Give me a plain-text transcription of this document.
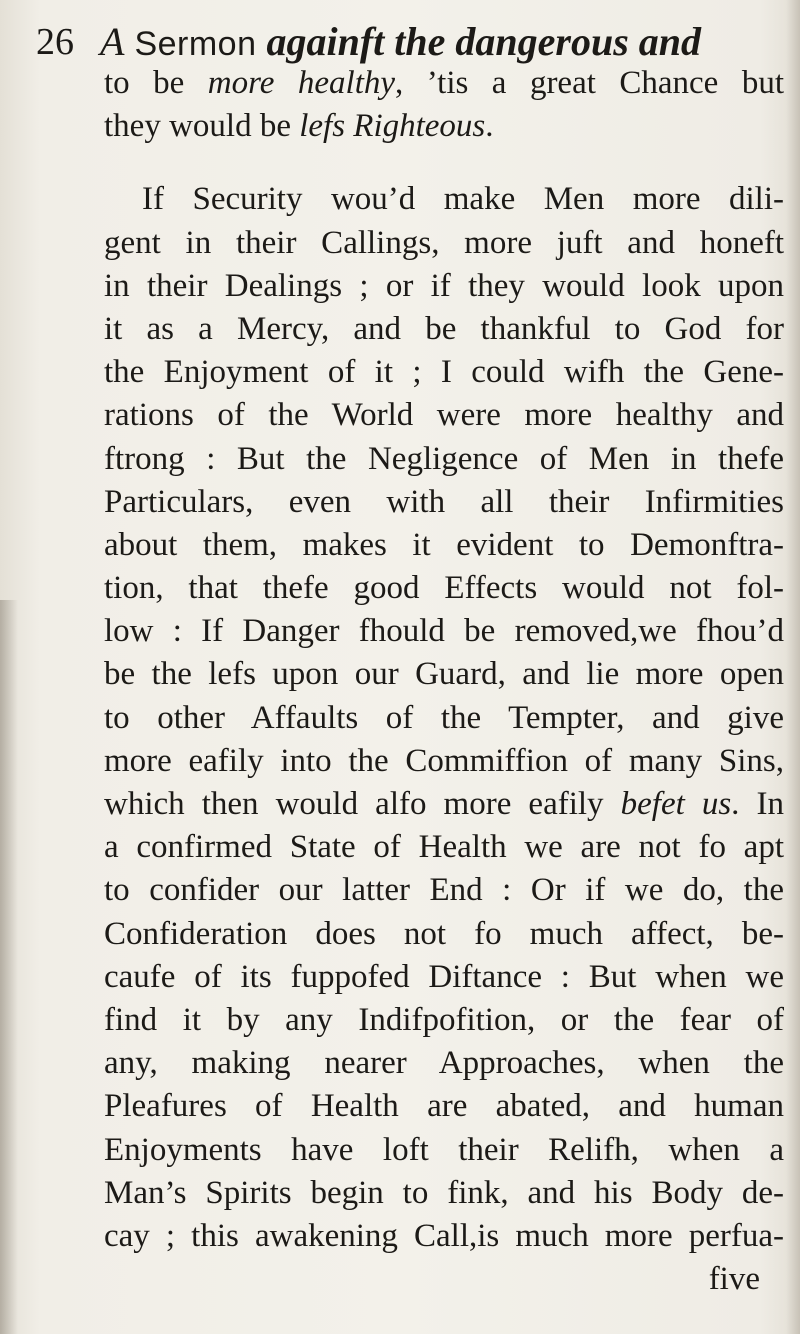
26 A Sermon againft the dangerous and
to be more healthy, ’tis a great Chance but
they would be lefs Righteous.
If Security wou’d make Men more dili-
gent in their Callings, more juft and honeft
in their Dealings ; or if they would look upon
it as a Mercy, and be thankful to God for
the Enjoyment of it ; I could wifh the Gene-
rations of the World were more healthy and
ftrong : But the Negligence of Men in thefe
Particulars, even with all their Infirmities
about them, makes it evident to Demonftra-
tion, that thefe good Effects would not fol-
low : If Danger fhould be removed,we fhou’d
be the lefs upon our Guard, and lie more open
to other Affaults of the Tempter, and give
more eafily into the Commiffion of many Sins,
which then would alfo more eafily befet us. In
a confirmed State of Health we are not fo apt
to confider our latter End : Or if we do, the
Confideration does not fo much affect, be-
caufe of its fuppofed Diftance : But when we
find it by any Indifpofition, or the fear of
any, making nearer Approaches, when the
Pleafures of Health are abated, and human
Enjoyments have loft their Relifh, when a
Man’s Spirits begin to fink, and his Body de-
cay ; this awakening Call,is much more perfua-
five
